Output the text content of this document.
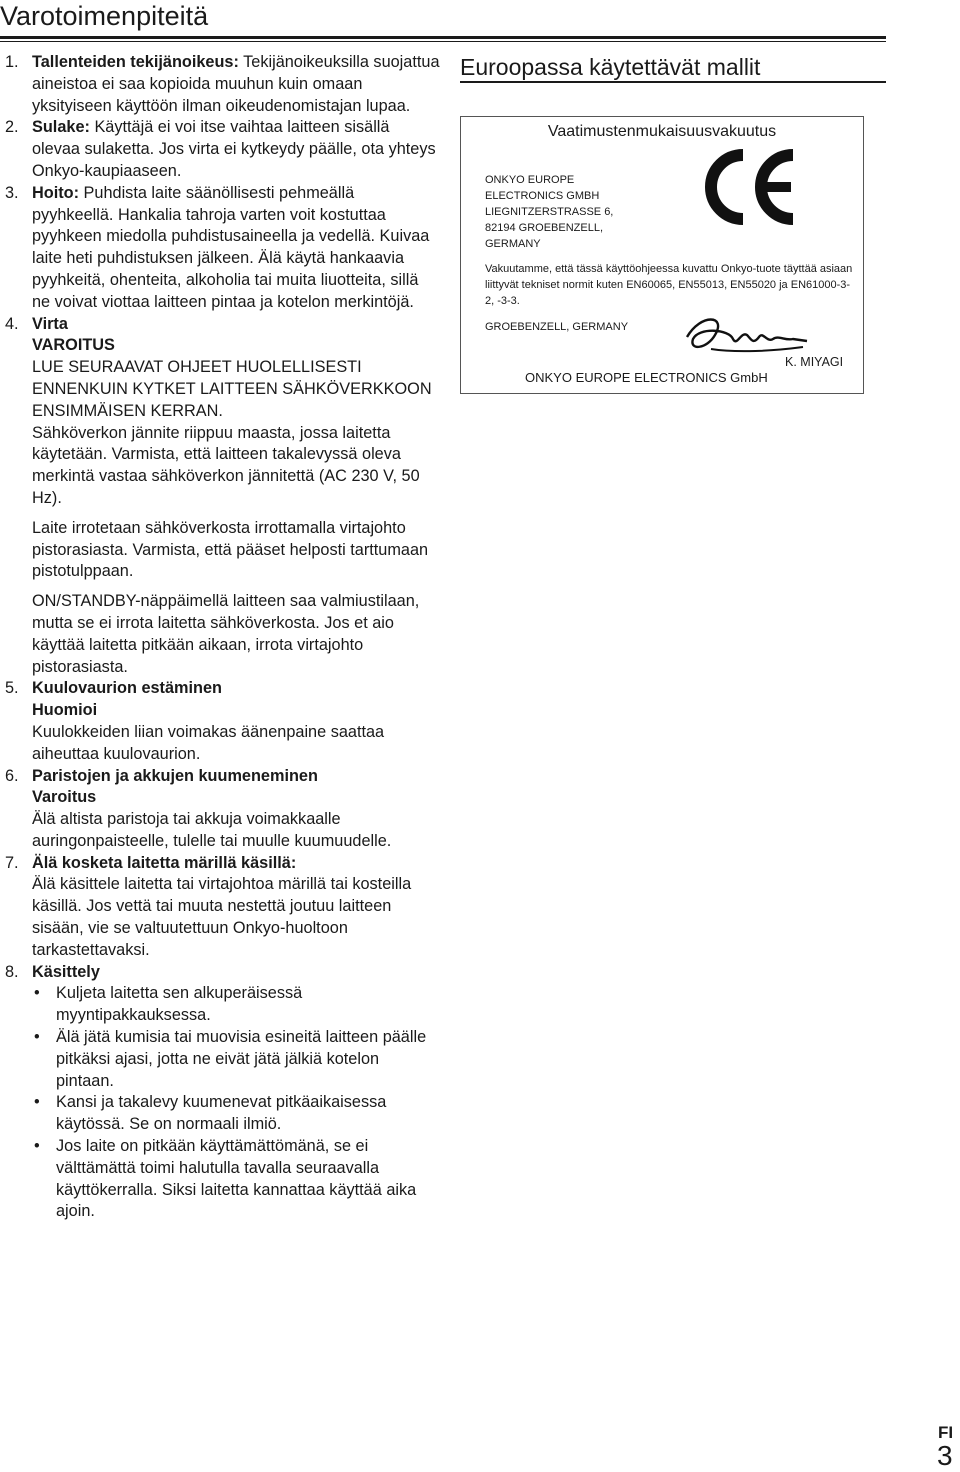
Varotoimenpiteitä
1. Tallenteiden tekijänoikeus: Tekijänoikeuksilla suojattua aineistoa ei saa kopioida muuhun kuin omaan yksityiseen käyttöön ilman oikeudenomistajan lupaa.
2. Sulake: Käyttäjä ei voi itse vaihtaa laitteen sisällä olevaa sulaketta. Jos virta ei kytkeydy päälle, ota yhteys Onkyo-kaupiaaseen.
3. Hoito: Puhdista laite säänöllisesti pehmeällä pyyhkeellä. Hankalia tahroja varten voit kostuttaa pyyhkeen miedolla puhdistusaineella ja vedellä. Kuivaa laite heti puhdistuksen jälkeen. Älä käytä hankaavia pyyhkeitä, ohenteita, alkoholia tai muita liuotteita, sillä ne voivat viottaa laitteen pintaa ja kotelon merkintöjä.
4. Virta
VAROITUS
LUE SEURAAVAT OHJEET HUOLELLISESTI ENNENKUIN KYTKET LAITTEEN SÄHKÖVERKKOON ENSIMMÄISEN KERRAN.
Sähköverkon jännite riippuu maasta, jossa laitetta käytetään. Varmista, että laitteen takalevyssä oleva merkintä vastaa sähköverkon jännitettä (AC 230 V, 50 Hz).
Laite irrotetaan sähköverkosta irrottamalla virtajohto pistorasiasta. Varmista, että pääset helposti tarttumaan pistotulppaan.
ON/STANDBY-näppäimellä laitteen saa valmiustilaan, mutta se ei irrota laitetta sähköverkosta. Jos et aio käyttää laitetta pitkään aikaan, irrota virtajohto pistorasiasta.
5. Kuulovaurion estäminen
Huomioi
Kuulokkeiden liian voimakas äänenpaine saattaa aiheuttaa kuulovaurion.
6. Paristojen ja akkujen kuumeneminen
Varoitus
Älä altista paristoja tai akkuja voimakkaalle auringonpaisteelle, tulelle tai muulle kuumuudelle.
7. Älä kosketa laitetta märillä käsillä:
Älä käsittele laitetta tai virtajohtoa märillä tai kosteilla käsillä. Jos vettä tai muuta nestettä joutuu laitteen sisään, vie se valtuutettuun Onkyo-huoltoon tarkastettavaksi.
8. Käsittely
• Kuljeta laitetta sen alkuperäisessä myyntipakkauksessa.
• Älä jätä kumisia tai muovisia esineitä laitteen päälle pitkäksi ajasi, jotta ne eivät jätä jälkiä kotelon pintaan.
• Kansi ja takalevy kuumenevat pitkäaikaisessa käytössä. Se on normaali ilmiö.
• Jos laite on pitkään käyttämättömänä, se ei välttämättä toimi halutulla tavalla seuraavalla käyttökerralla. Siksi laitetta kannattaa käyttää aika ajoin.
Euroopassa käytettävät mallit
Vaatimustenmukaisuusvakuutus
ONKYO EUROPE
ELECTRONICS GMBH
LIEGNITZERSTRASSE 6,
82194 GROEBENZELL,
GERMANY
Vakuutamme, että tässä käyttöohjeessa kuvattu Onkyo-tuote täyttää asiaan liittyvät tekniset normit kuten EN60065, EN55013, EN55020 ja EN61000-3-2, -3-3.
GROEBENZELL, GERMANY
K. MIYAGI
ONKYO EUROPE ELECTRONICS GmbH
FI
3
